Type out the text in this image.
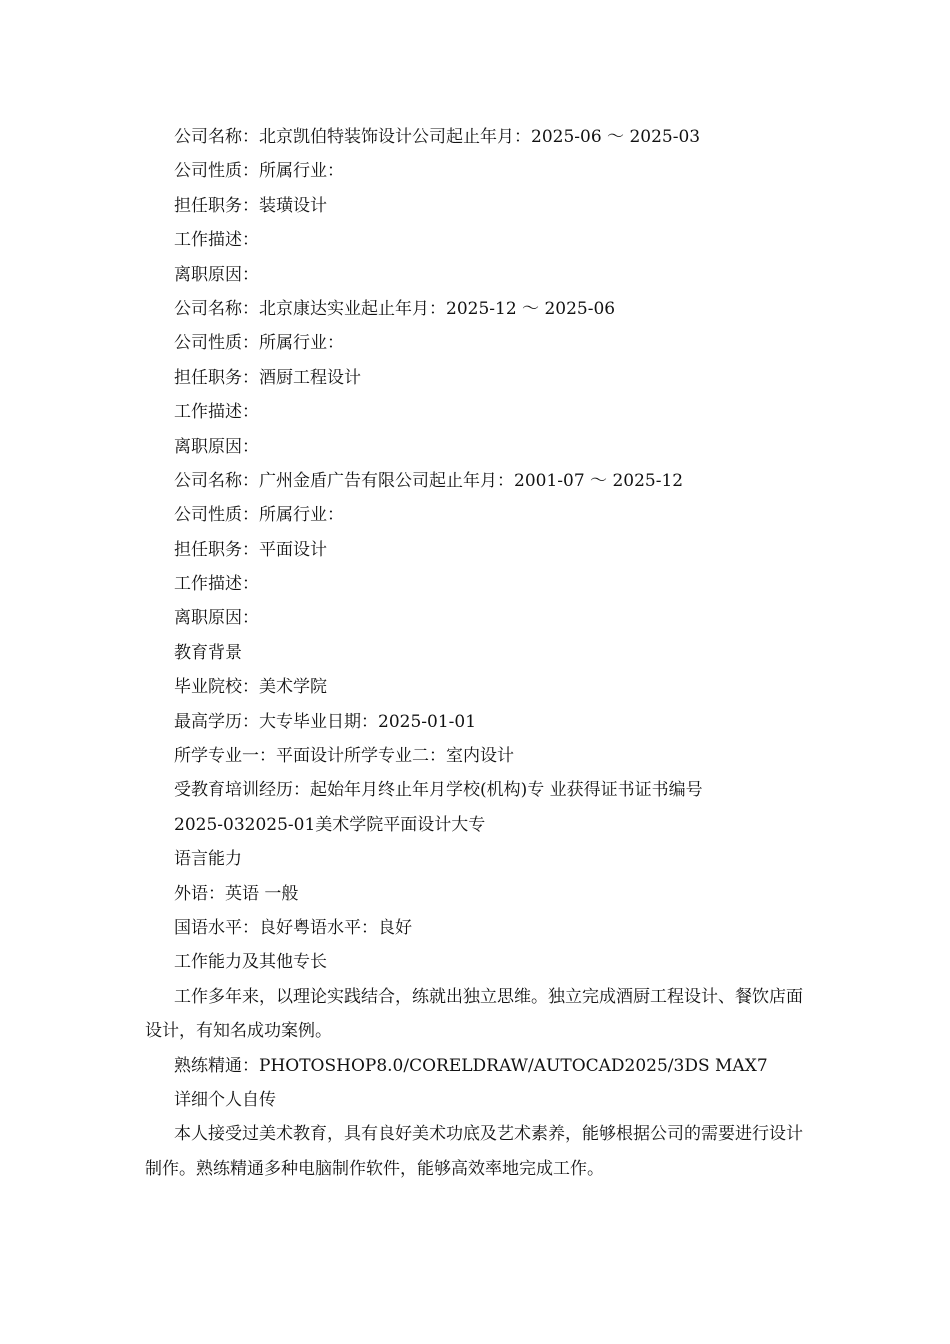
公司名称：北京凯伯特装饰设计公司起止年月：2025-06 ～ 2025-03
公司性质：所属行业：
担任职务：装璜设计
工作描述：
离职原因：
公司名称：北京康达实业起止年月：2025-12 ～ 2025-06
公司性质：所属行业：
担任职务：酒厨工程设计
工作描述：
离职原因：
公司名称：广州金盾广告有限公司起止年月：2001-07 ～ 2025-12
公司性质：所属行业：
担任职务：平面设计
工作描述：
离职原因：
教育背景
毕业院校：美术学院
最高学历：大专毕业日期：2025-01-01
所学专业一：平面设计所学专业二：室内设计
受教育培训经历：起始年月终止年月学校(机构)专 业获得证书证书编号
2025-032025-01美术学院平面设计大专
语言能力
外语：英语 一般
国语水平：良好粤语水平：良好
工作能力及其他专长

工作多年来，以理论实践结合，练就出独立思维。独立完成酒厨工程设计、餐饮店面设计，有知名成功案例。

熟练精通：PHOTOSHOP8.0/CORELDRAW/AUTOCAD2025/3DS MAX7
详细个人自传

本人接受过美术教育，具有良好美术功底及艺术素养，能够根据公司的需要进行设计制作。熟练精通多种电脑制作软件，能够高效率地完成工作。
